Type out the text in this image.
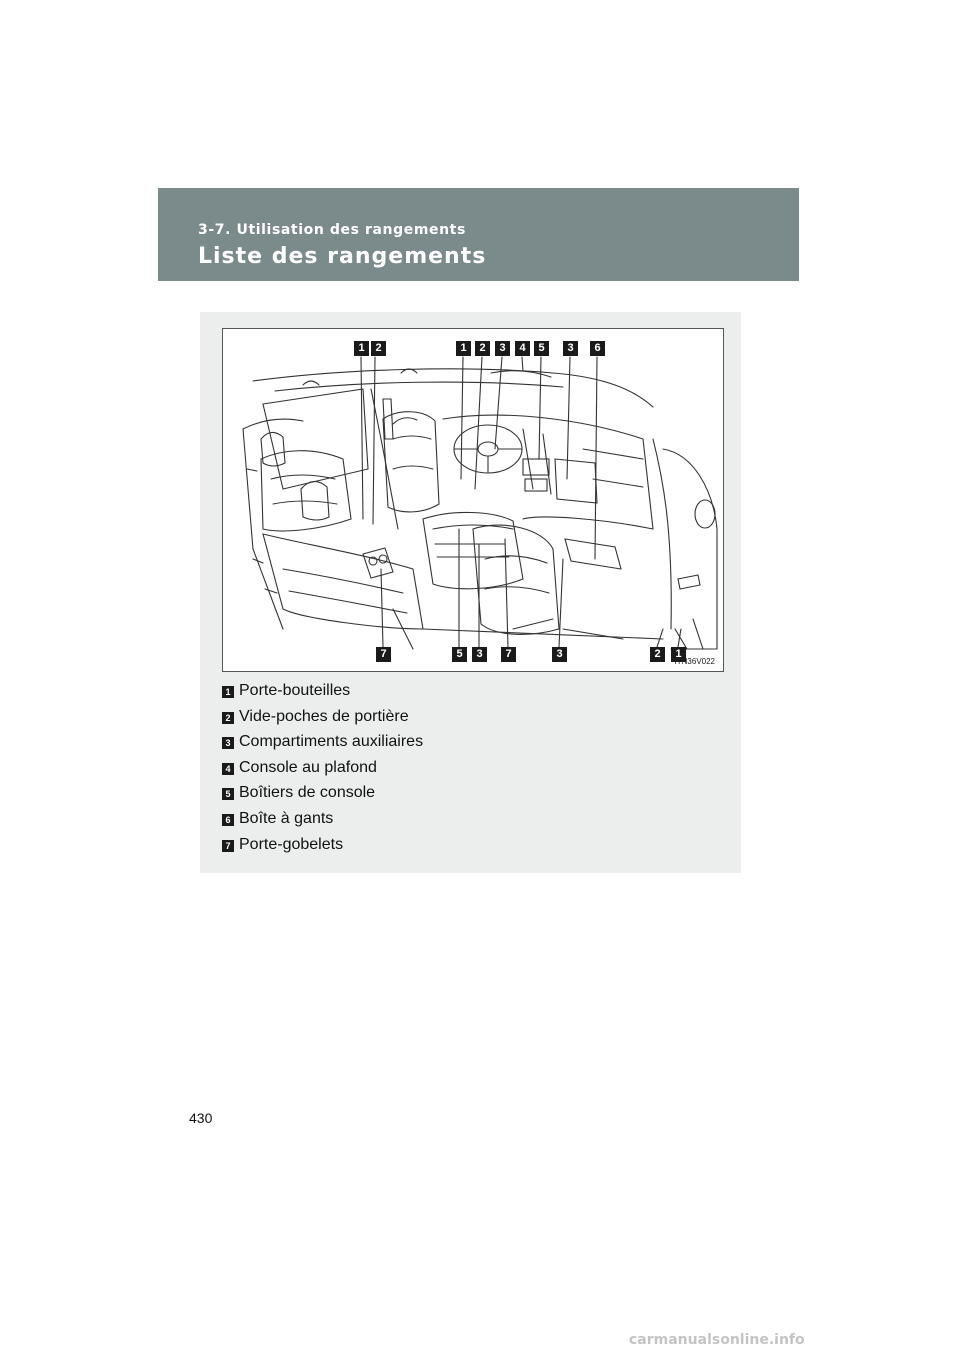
3-7. Utilisation des rangements
Liste des rangements
1 2	1	2	3	4	5	3	6
7	5	3	7	3	2	1
ITN36V022
1 Porte-bouteilles
2 Vide-poches de portière
3 Compartiments auxiliaires
4 Console au plafond
5 Boîtiers de console
6 Boîte à gants
7 Porte-gobelets
430
carmanualsonline.info
